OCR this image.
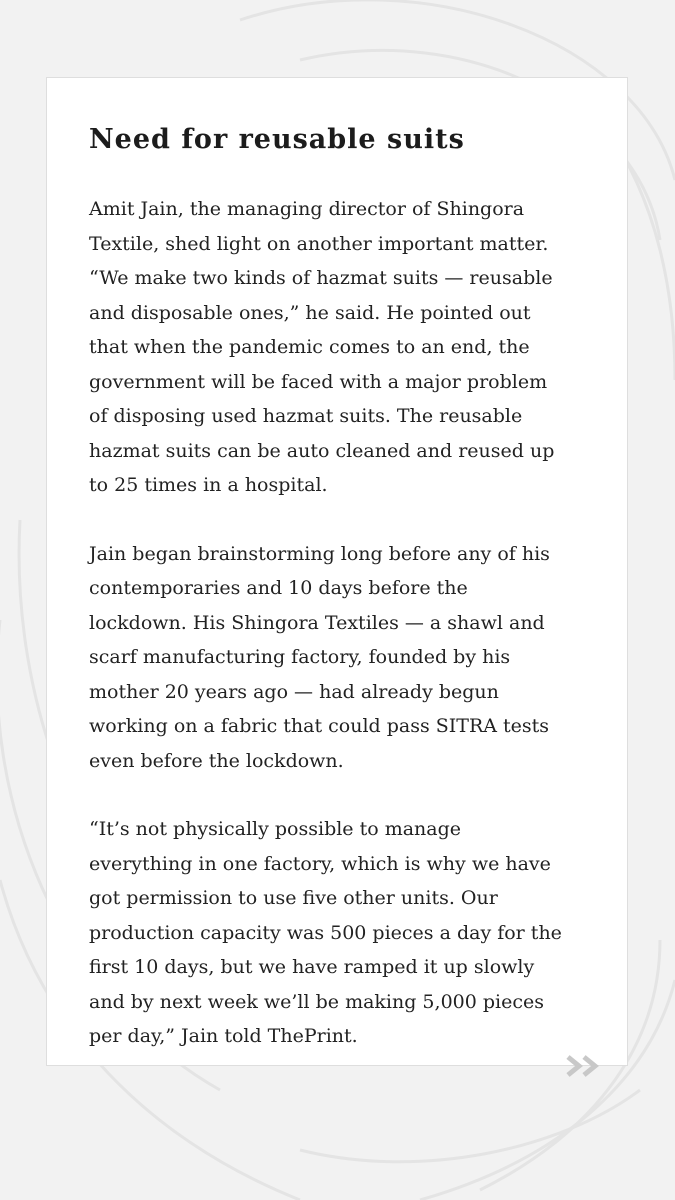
Need for reusable suits

Amit Jain, the managing director of Shingora
Textile, shed light on another important matter.
“We make two kinds of hazmat suits — reusable
and disposable ones,” he said. He pointed out
that when the pandemic comes to an end, the
government will be faced with a major problem
of disposing used hazmat suits. The reusable
hazmat suits can be auto cleaned and reused up
to 25 times in a hospital.

Jain began brainstorming long before any of his
contemporaries and 10 days before the
lockdown. His Shingora Textiles — a shawl and
scarf manufacturing factory, founded by his
mother 20 years ago — had already begun
working on a fabric that could pass SITRA tests
even before the lockdown.

“It’s not physically possible to manage
everything in one factory, which is why we have
got permission to use five other units. Our
production capacity was 500 pieces a day for the
first 10 days, but we have ramped it up slowly
and by next week we’ll be making 5,000 pieces
per day,” Jain told ThePrint.
